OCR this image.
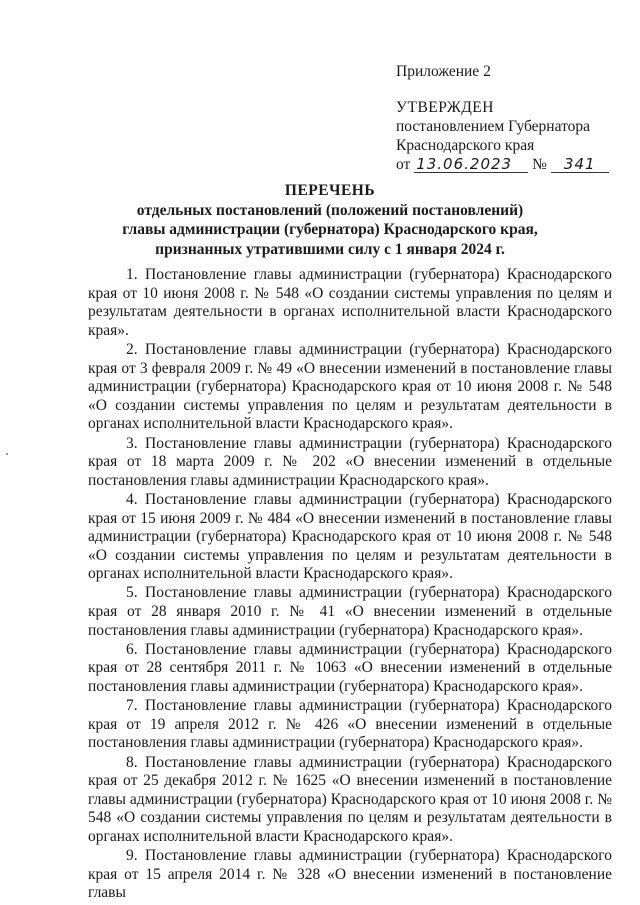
Приложение 2
УТВЕРЖДЕН
постановлением Губернатора
Краснодарского края
от 13.06.2023 № 341
ПЕРЕЧЕНЬ
отдельных постановлений (положений постановлений)
главы администрации (губернатора) Краснодарского края,
признанных утратившими силу с 1 января 2024 г.

1. Постановление главы администрации (губернатора) Краснодарского края от 10 июня 2008 г. № 548 «О создании системы управления по целям и результатам деятельности в органах исполнительной власти Краснодарского края».

2. Постановление главы администрации (губернатора) Краснодарского края от 3 февраля 2009 г. № 49 «О внесении изменений в постановление главы администрации (губернатора) Краснодарского края от 10 июня 2008 г. № 548 «О создании системы управления по целям и результатам деятельности в органах исполнительной власти Краснодарского края».

3. Постановление главы администрации (губернатора) Краснодарского края от 18 марта 2009 г. № 202 «О внесении изменений в отдельные постановления главы администрации Краснодарского края».

4. Постановление главы администрации (губернатора) Краснодарского края от 15 июня 2009 г. № 484 «О внесении изменений в постановление главы администрации (губернатора) Краснодарского края от 10 июня 2008 г. № 548 «О создании системы управления по целям и результатам деятельности в органах исполнительной власти Краснодарского края».

5. Постановление главы администрации (губернатора) Краснодарского края от 28 января 2010 г. № 41 «О внесении изменений в отдельные постановления главы администрации (губернатора) Краснодарского края».

6. Постановление главы администрации (губернатора) Краснодарского края от 28 сентября 2011 г. № 1063 «О внесении изменений в отдельные постановления главы администрации (губернатора) Краснодарского края».

7. Постановление главы администрации (губернатора) Краснодарского края от 19 апреля 2012 г. № 426 «О внесении изменений в отдельные постановления главы администрации (губернатора) Краснодарского края».

8. Постановление главы администрации (губернатора) Краснодарского края от 25 декабря 2012 г. № 1625 «О внесении изменений в постановление главы администрации (губернатора) Краснодарского края от 10 июня 2008 г. № 548 «О создании системы управления по целям и результатам деятельности в органах исполнительной власти Краснодарского края».

9. Постановление главы администрации (губернатора) Краснодарского края от 15 апреля 2014 г. № 328 «О внесении изменений в постановление главы
